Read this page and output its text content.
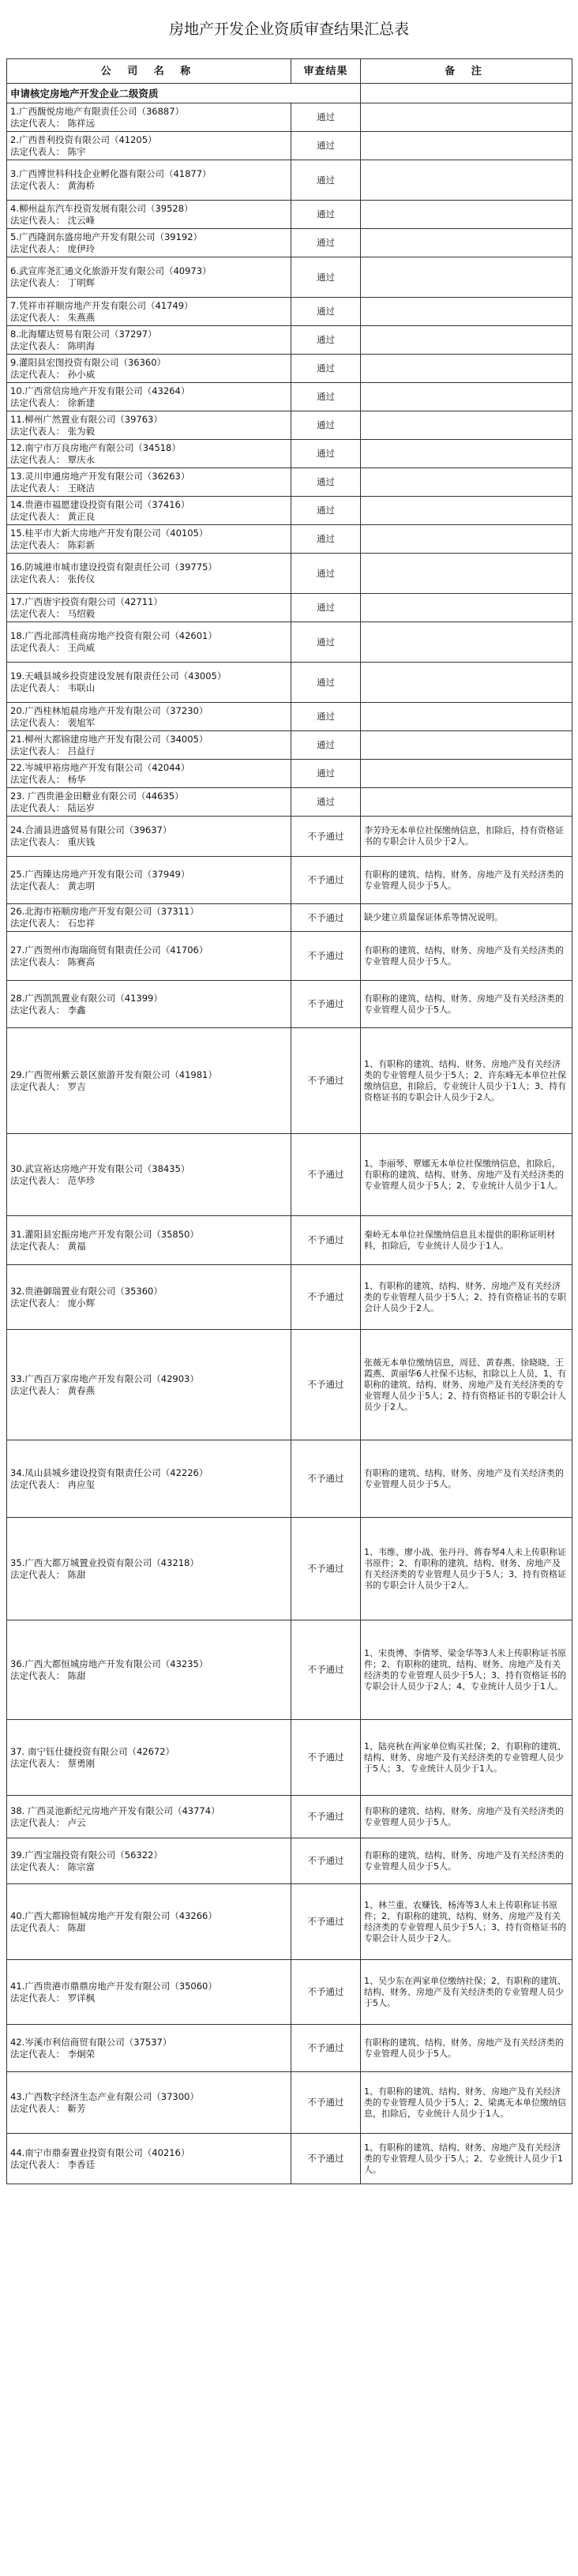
房地产开发企业资质审查结果汇总表
公 司 名 称	审查结果	备 注
申请核定房地产开发企业二级资质		

1.广西馥悦房地产有限责任公司（36887）
法定代表人： 陈祥远	通过	

2.广西普利投资有限公司（41205）
法定代表人： 陈宇	通过	

3.广西博世科科技企业孵化器有限公司（41877）
法定代表人： 黄海桥	通过	

4.柳州益东汽车投资发展有限公司（39528）
法定代表人： 沈云峰	通过	

5.广西隆润东盛房地产开发有限公司（39192）
法定代表人： 庞伊玲	通过	

6.武宣库尧汇通文化旅游开发有限公司（40973）
法定代表人： 丁明辉	通过	

7.凭祥市祥顺房地产开发有限公司（41749）
法定代表人： 朱燕燕	通过	

8.北海耀达贸易有限公司（37297）
法定代表人： 陈明海	通过	

9.灌阳县宏图投资有限公司（36360）
法定代表人： 孙小威	通过	

10.广西常信房地产开发有限公司（43264）
法定代表人： 徐新建	通过	

11.柳州广然置业有限公司（39763）
法定代表人： 张为毅	通过	

12.南宁市万良房地产有限公司（34518）
法定代表人： 覃庆永	通过	

13.灵川申通房地产开发有限公司（36263）
法定代表人： 王晓洁	通过	

14.贵港市福愿建设投资有限公司（37416）
法定代表人： 黄正良	通过	

15.桂平市大新大房地产开发有限公司（40105）
法定代表人： 陈彩新	通过	

16.防城港市城市建设投资有限责任公司（39775）
法定代表人： 张传仪	通过	

17.广西唐宇投资有限公司（42711）
法定代表人： 马绍毅	通过	

18.广西北部湾桂商房地产投资有限公司（42601）
法定代表人： 王尚威	通过	

19.天峨县城乡投资建设发展有限责任公司（43005）
法定代表人： 韦联山	通过	

20.广西桂林旭晨房地产开发有限公司（37230）
法定代表人： 裴旭军	通过	

21.柳州大都锦建房地产开发有限公司（34005）
法定代表人： 吕益行	通过	

22.岑城甲裕房地产开发有限公司（42044）
法定代表人： 杨华	通过	

23. 广西贵港金田糖业有限公司（44635）
法定代表人： 陆运岁	通过	

24.合浦县进盛贸易有限公司（39637）
法定代表人： 重庆钱	不予通过	李芳玲无本单位社保缴纳信息，扣除后，持有资格证书的专职会计人员少于2人。

25.广西臻达房地产开发有限公司（37949）
法定代表人： 黄志明	不予通过	有职称的建筑、结构、财务、房地产及有关经济类的专业管理人员少于5人。

26.北海市裕顺房地产开发有限公司（37311）
法定代表人： 石忠祥	不予通过	缺少建立质量保证体系等情况说明。

27.广西贺州市海瑞商贸有限责任公司（41706）
法定代表人： 陈赛高	不予通过	有职称的建筑、结构、财务、房地产及有关经济类的专业管理人员少于5人。

28.广西凯凯置业有限公司（41399）
法定代表人： 李鑫	不予通过	有职称的建筑、结构、财务、房地产及有关经济类的专业管理人员少于5人。

29.广西贺州紫云景区旅游开发有限公司（41981）
法定代表人： 罗吉	不予通过	1、有职称的建筑、结构、财务、房地产及有关经济类的专业管理人员少于5人；2、许东峰无本单位社保缴纳信息，扣除后，专业统计人员少于1人；3、持有资格证书的专职会计人员少于2人。

30.武宣裕达房地产开发有限公司（38435）
法定代表人： 范华珍	不予通过	1、李丽琴、覃娜无本单位社保缴纳信息，扣除后，有职称的建筑、结构、财务、房地产及有关经济类的专业管理人员少于5人；2、专业统计人员少于1人。

31.灌阳县宏振房地产开发有限公司（35850）
法定代表人： 黄福	不予通过	秦岭无本单位社保缴纳信息且未提供的职称证明材料，扣除后，专业统计人员少于1人。

32.贵港御瑞置业有限公司（35360）
法定代表人： 庞小辉	不予通过	1、有职称的建筑、结构、财务、房地产及有关经济类的专业管理人员少于5人；2、持有资格证书的专职会计人员少于2人。

33.广西百万家房地产开发有限公司（42903）
法定代表人： 黄春燕	不予通过	张薇无本单位缴纳信息，周廷、黄春燕、徐晓晓、王霞燕、黄丽华6人社保不达标，扣除以上人员，1、有职称的建筑、结构、财务、房地产及有关经济类的专业管理人员少于5人；2、持有资格证书的专职会计人员少于2人。

34.凤山县城乡建设投资有限责任公司（42226）
法定代表人： 冉应玺	不予通过	有职称的建筑、结构、财务、房地产及有关经济类的专业管理人员少于5人。

35.广西大都万城置业投资有限公司（43218）
法定代表人： 陈甜	不予通过	1、韦维、廖小战、张丹丹、蒋春琴4人未上传职称证书原件；2、有职称的建筑、结构、财务、房地产及有关经济类的专业管理人员少于5人；3、持有资格证书的专职会计人员少于2人。

36.广西大都恒城房地产开发有限公司（43235）
法定代表人： 陈甜	不予通过	1、宋贵博、李倩琴、梁金华等3人未上传职称证书原件；2、有职称的建筑、结构、财务、房地产及有关经济类的专业管理人员少于5人；3、持有资格证书的专职会计人员少于2人；4、专业统计人员少于1人。

37. 南宁钰仕捷投资有限公司（42672）
法定代表人： 蔡勇刚	不予通过	1、陆亮秋在两家单位购买社保；2、有职称的建筑、结构、财务、房地产及有关经济类的专业管理人员少于5人；3、专业统计人员少于1人。

38. 广西灵池新纪元房地产开发有限公司（43774）
法定代表人： 卢云	不予通过	有职称的建筑、结构、财务、房地产及有关经济类的专业管理人员少于5人。

39.广西宝瑞投资有限公司（56322）
法定代表人： 陈宗富	不予通过	有职称的建筑、结构、财务、房地产及有关经济类的专业管理人员少于5人。

40.广西大都锦恒城房地产开发有限公司（43266）
法定代表人： 陈甜	不予通过	1、林兰重、农赚钱、杨涛等3人未上传职称证书原件；2、有职称的建筑、结构、财务、房地产及有关经济类的专业管理人员少于5人；3、持有资格证书的专职会计人员少于2人。

41.广西贵港市鼎鼎房地产开发有限公司（35060）
法定代表人： 罗详枫	不予通过	1、吴少东在两家单位缴纳社保；2、有职称的建筑、结构、财务、房地产及有关经济类的专业管理人员少于5人。

42.岑溪市利信商贸有限公司（37537）
法定代表人： 李炯荣	不予通过	有职称的建筑、结构、财务、房地产及有关经济类的专业管理人员少于5人。

43.广西数字经济生态产业有限公司（37300）
法定代表人： 靳芳	不予通过	1、有职称的建筑、结构、财务、房地产及有关经济类的专业管理人员少于5人；2、梁离无本单位缴纳信息，扣除后，专业统计人员少于1人。

44.南宁市鼎泰置业投资有限公司（40216）
法定代表人： 李香廷	不予通过	1、有职称的建筑、结构、财务、房地产及有关经济类的专业管理人员少于5人；2、专业统计人员少于1人。
